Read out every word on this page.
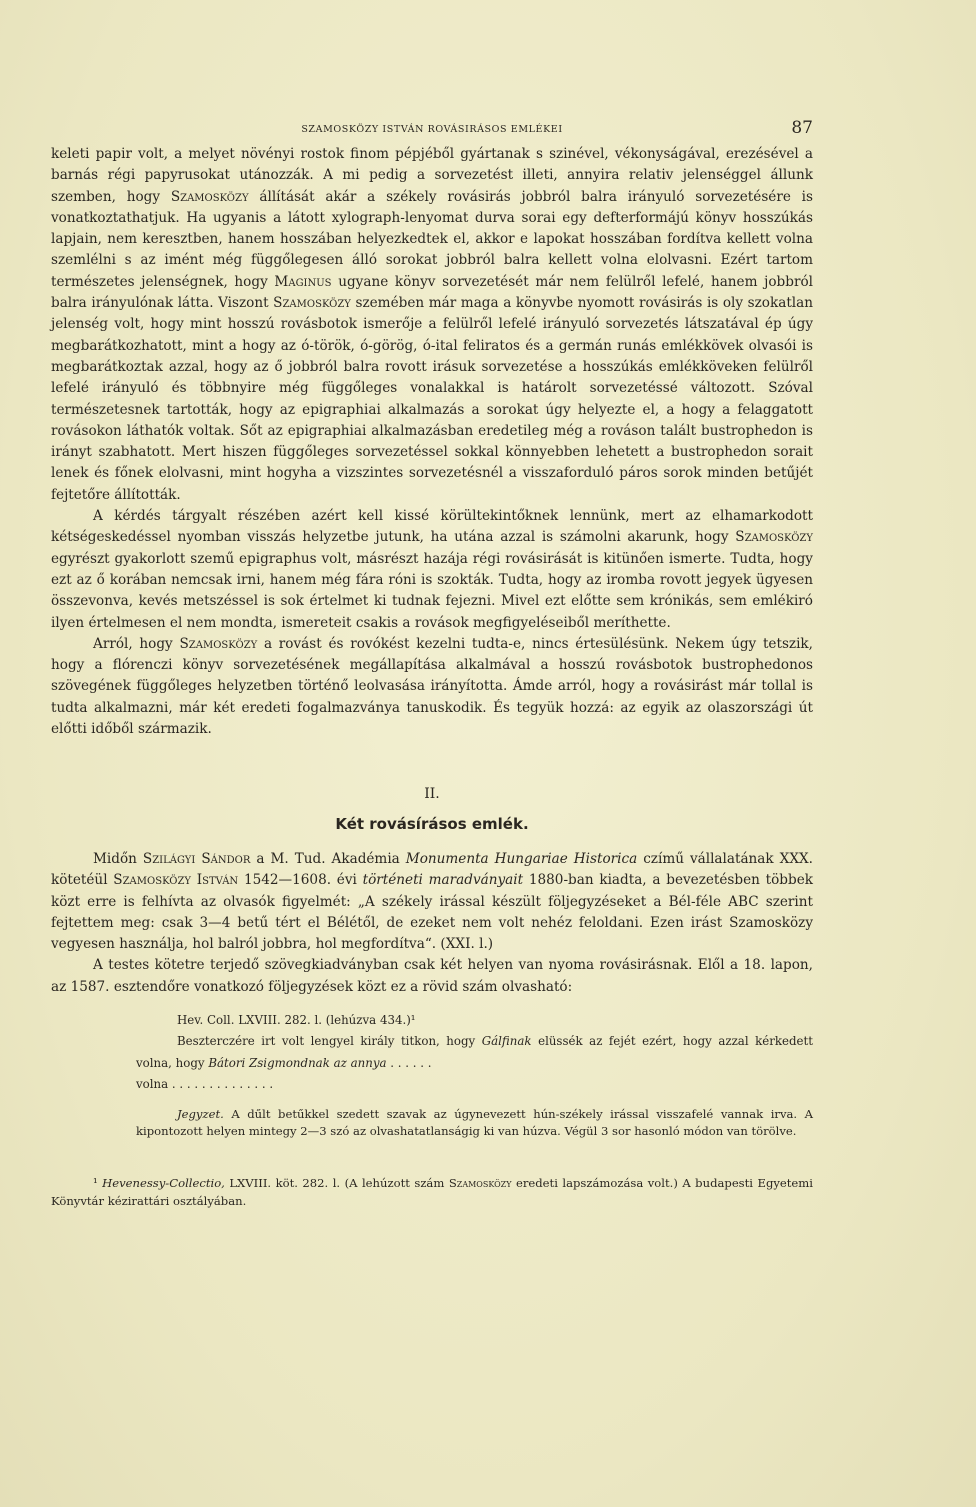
SZAMOSKÖZY ISTVÁN ROVÁSIRÁSOS EMLÉKEI	87

keleti papir volt, a melyet növényi rostok finom pépjéből gyártanak s szinével, vékonyságával, erezésével a barnás régi papyrusokat utánozzák. A mi pedig a sorvezetést illeti, annyira relativ jelenséggel állunk szemben, hogy Szamosközy állítását akár a székely rovásirás jobbról balra irányuló sorvezetésére is vonatkoztathatjuk. Ha ugyanis a látott xylograph-lenyomat durva sorai egy defterformájú könyv hosszúkás lapjain, nem keresztben, hanem hosszában helyezkedtek el, akkor e lapokat hosszában fordítva kellett volna szemlélni s az imént még függőlegesen álló sorokat jobbról balra kellett volna elolvasni. Ezért tartom természetes jelenségnek, hogy Maginus ugyane könyv sorvezetését már nem felülről lefelé, hanem jobbról balra irányulónak látta. Viszont Szamosközy szemében már maga a könyvbe nyomott rovásirás is oly szokatlan jelenség volt, hogy mint hosszú rovásbotok ismerője a felülről lefelé irányuló sorvezetés látszatával ép úgy megbarátkozhatott, mint a hogy az ó-török, ó-görög, ó-ital feliratos és a germán runás emlékkövek olvasói is megbarátkoztak azzal, hogy az ő jobbról balra rovott irásuk sorvezetése a hosszúkás emlékköveken felülről lefelé irányuló és többnyire még függőleges vonalakkal is határolt sorvezetéssé változott. Szóval természetesnek tartották, hogy az epigraphiai alkalmazás a sorokat úgy helyezte el, a hogy a felaggatott rovásokon láthatók voltak. Sőt az epigraphiai alkalmazásban eredetileg még a rováson talált bustrophedon is irányt szabhatott. Mert hiszen függőleges sorvezetéssel sokkal könnyebben lehetett a bustrophedon sorait lenek és főnek elolvasni, mint hogyha a vizszintes sorvezetésnél a visszaforduló páros sorok minden betűjét fejtetőre állították.

A kérdés tárgyalt részében azért kell kissé körültekintőknek lennünk, mert az elhamarkodott kétségeskedéssel nyomban visszás helyzetbe jutunk, ha utána azzal is számolni akarunk, hogy Szamosközy egyrészt gyakorlott szemű epigraphus volt, másrészt hazája régi rovásirását is kitünően ismerte. Tudta, hogy ezt az ő korában nemcsak irni, hanem még fára róni is szokták. Tudta, hogy az iromba rovott jegyek ügyesen összevonva, kevés metszéssel is sok értelmet ki tudnak fejezni. Mivel ezt előtte sem krónikás, sem emlékiró ilyen értelmesen el nem mondta, ismereteit csakis a rovások megfigyeléseiből meríthette.

Arról, hogy Szamosközy a rovást és rovókést kezelni tudta-e, nincs értesülésünk. Nekem úgy tetszik, hogy a flórenczi könyv sorvezetésének megállapítása alkalmával a hosszú rovásbotok bustrophedonos szövegének függőleges helyzetben történő leolvasása irányította. Ámde arról, hogy a rovásirást már tollal is tudta alkalmazni, már két eredeti fogalmazványa tanuskodik. És tegyük hozzá: az egyik az olaszországi út előtti időből származik.

II.
Két rovásírásos emlék.

Midőn Szilágyi Sándor a M. Tud. Akadémia Monumenta Hungariae Historica czímű vállalatának XXX. kötetéül Szamosközy István 1542—1608. évi történeti maradványait 1880-ban kiadta, a bevezetésben többek közt erre is felhívta az olvasók figyelmét: „A székely irással készült följegyzéseket a Bél-féle ABC szerint fejtettem meg: csak 3—4 betű tért el Bélétől, de ezeket nem volt nehéz feloldani. Ezen irást Szamosközy vegyesen használja, hol balról jobbra, hol megfordítva“. (XXI. l.)

A testes kötetre terjedő szövegkiadványban csak két helyen van nyoma rovásirásnak. Elől a 18. lapon, az 1587. esztendőre vonatkozó följegyzések közt ez a rövid szám olvasható:

Hev. Coll. LXVIII. 282. l. (lehúzva 434.)¹

Beszterczére irt volt lengyel király titkon, hogy Gálfinak elüssék az fejét ezért, hogy azzal kérkedett volna, hogy Bátori Zsigmondnak az annya . . . . . .

volna . . . . . . . . . . . . . .

Jegyzet. A dűlt betűkkel szedett szavak az úgynevezett hún-székely irással visszafelé vannak irva. A kipontozott helyen mintegy 2—3 szó az olvashatatlanságig ki van húzva. Végül 3 sor hasonló módon van törölve.

¹ Hevenessy-Collectio, LXVIII. köt. 282. l. (A lehúzott szám Szamosközy eredeti lapszámozása volt.) A budapesti Egyetemi Könyvtár kézirattári osztályában.
